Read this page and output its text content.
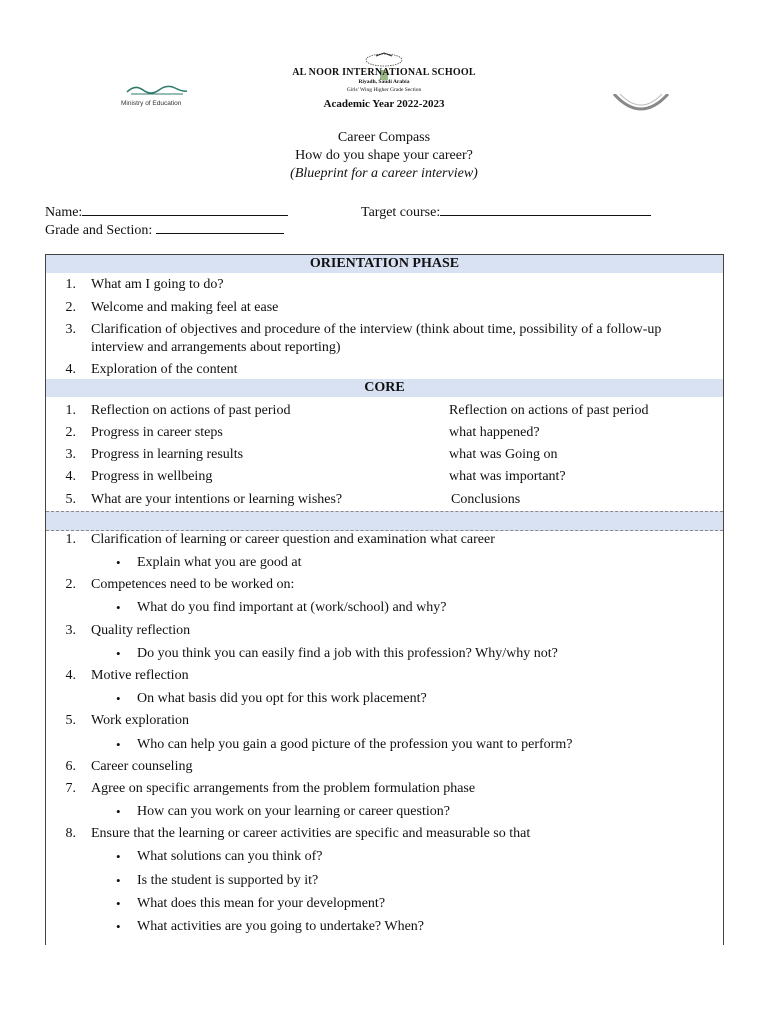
Ministry of Education
AL NOOR INTERNATIONAL SCHOOL
Riyadh, Saudi Arabia
Girls' Wing Higher Grade Section
Academic Year 2022-2023
Career Compass
How do you shape your career?
(Blueprint for a career interview)
Name:	Target course:
Grade and Section:
ORIENTATION PHASE
1. What am I going to do?
2. Welcome and making feel at ease
3. Clarification of objectives and procedure of the interview (think about time, possibility of a follow-up
interview and arrangements about reporting)
4. Exploration of the content
CORE
1. Reflection on actions of past period	Reflection on actions of past period
2. Progress in career steps	what happened?
3. Progress in learning results	what was Going on
4. Progress in wellbeing	what was important?
5. What are your intentions or learning wishes?	Conclusions
1. Clarification of learning or career question and examination what career
• Explain what you are good at
2. Competences need to be worked on:
• What do you find important at (work/school) and why?
3. Quality reflection
• Do you think you can easily find a job with this profession? Why/why not?
4. Motive reflection
• On what basis did you opt for this work placement?
5. Work exploration
• Who can help you gain a good picture of the profession you want to perform?
6. Career counseling
7. Agree on specific arrangements from the problem formulation phase
• How can you work on your learning or career question?
8. Ensure that the learning or career activities are specific and measurable so that
• What solutions can you think of?
• Is the student is supported by it?
• What does this mean for your development?
• What activities are you going to undertake? When?
